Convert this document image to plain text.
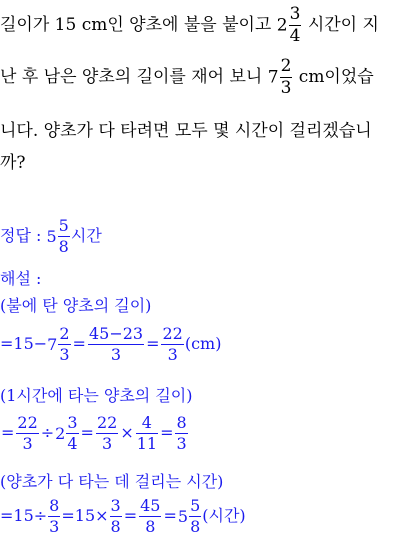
길이가 15 cm인 양초에 불을 붙이고 $2 \frac{3}{4}$ 시간이 지
난 후 남은 양초의 길이를 재어 보니 $7 \frac{2}{3}$ cm이었습
니다. 양초가 다 타려면 모두 몇 시간이 걸리겠습니
까?
정답 : $5 \frac{5}{8}$ 시간
해설 :
(불에 탄 양초의 길이)
$=15-7 \frac{2}{3} = \frac{45-23}{3} = \frac{22}{3} (cm)$
(1시간에 타는 양초의 길이)
= $\frac{22}{3} \div 2 \frac{3}{4} = \frac{22}{3} \times \frac{4}{11} = \frac{8}{3}$
(양초가 다 타는 데 걸리는 시간)
$=15\div \frac{8}{3} =15\times \frac{3}{8} = \frac{45}{8} =5 \frac{5}{8}$ (시간)
